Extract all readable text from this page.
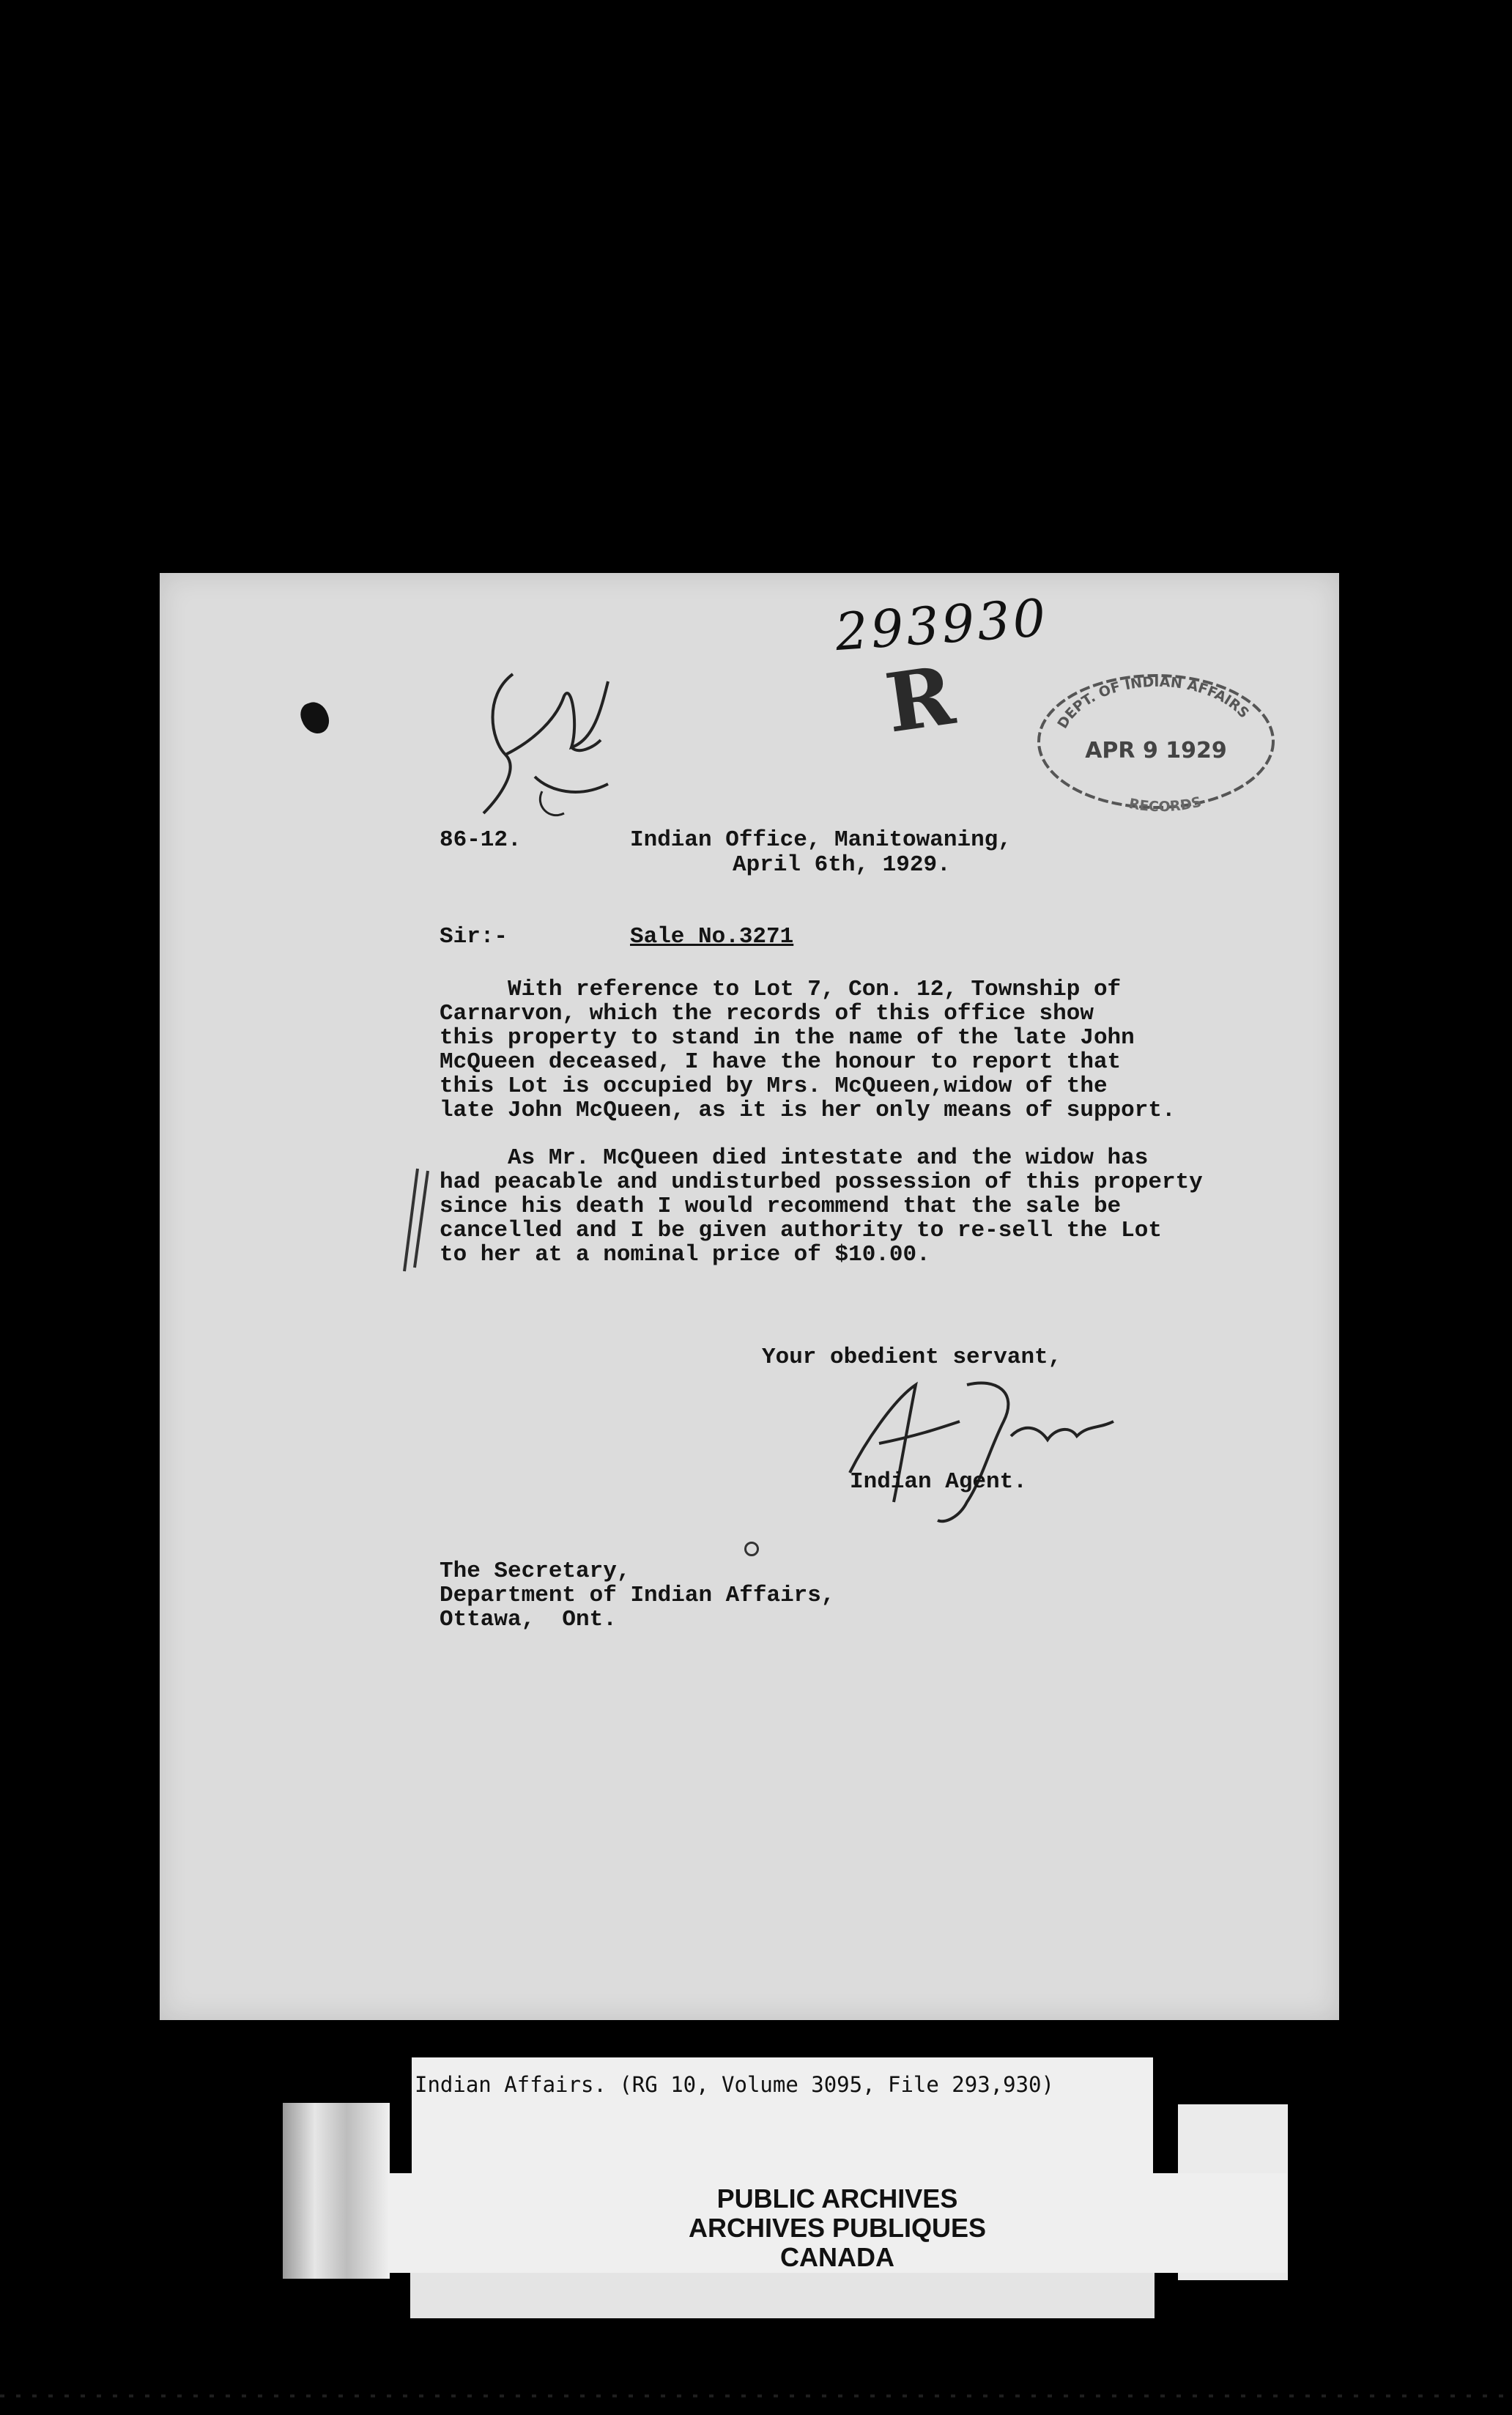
293930
R	DEPT. OF INDIAN AFFAIRS
APR 9 1929
RECORDS
86-12.	Indian Office, Manitowaning,
April 6th, 1929.
Sir:-	Sale No.3271
With reference to Lot 7, Con. 12, Township of
Carnarvon, which the records of this office show
this property to stand in the name of the late John
McQueen deceased, I have the honour to report that
this Lot is occupied by Mrs. McQueen,widow of the
late John McQueen, as it is her only means of support.
As Mr. McQueen died intestate and the widow has
had peacable and undisturbed possession of this property
since his death I would recommend that the sale be
cancelled and I be given authority to re-sell the Lot
to her at a nominal price of $10.00.
Your obedient servant,
Indian Agent.
The Secretary,
Department of Indian Affairs,
Ottawa,  Ont.
Indian Affairs. (RG 10, Volume 3095, File 293,930)
PUBLIC ARCHIVES
ARCHIVES PUBLIQUES
CANADA
